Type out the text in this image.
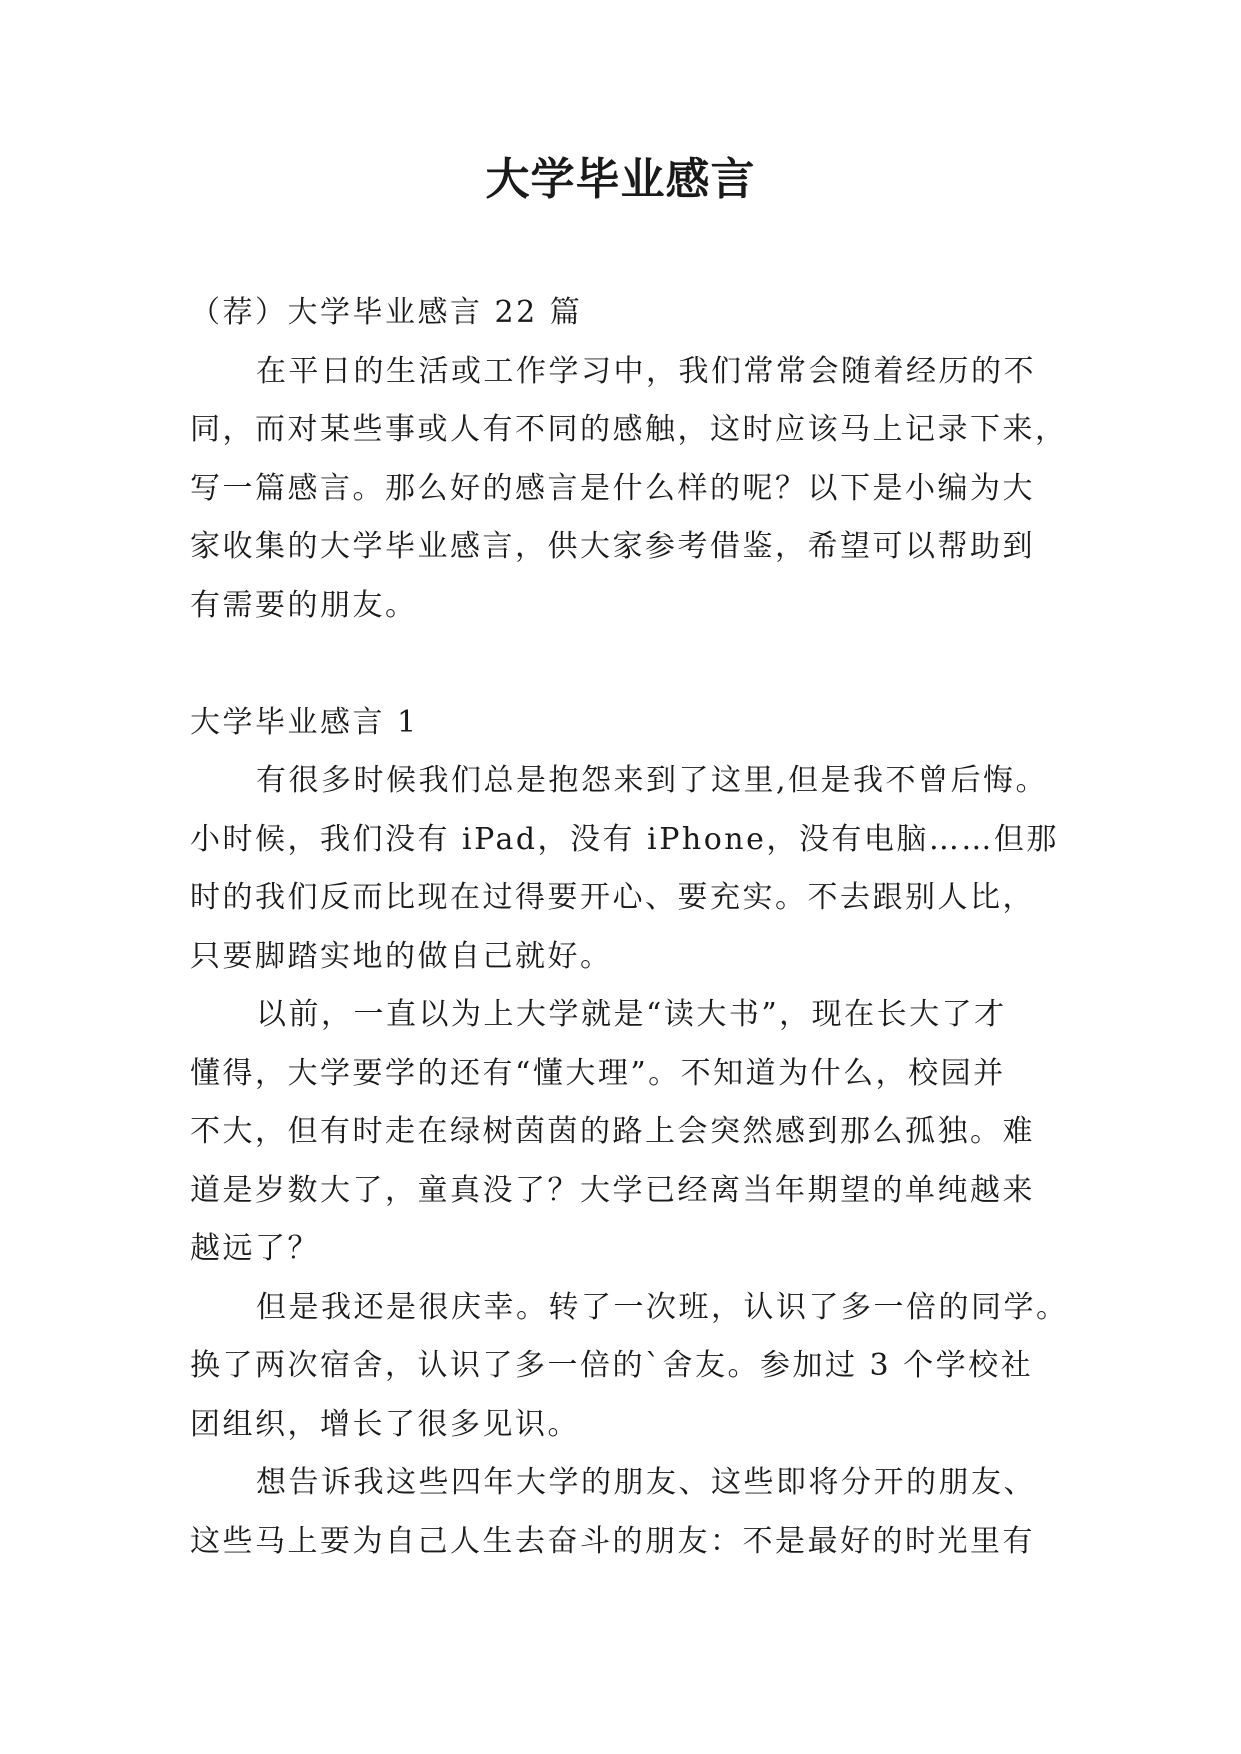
大学毕业感言
（荐）大学毕业感言 22 篇
在平日的生活或工作学习中，我们常常会随着经历的不
同，而对某些事或人有不同的感触，这时应该马上记录下来，
写一篇感言。那么好的感言是什么样的呢？以下是小编为大
家收集的大学毕业感言，供大家参考借鉴，希望可以帮助到
有需要的朋友。
大学毕业感言 1
有很多时候我们总是抱怨来到了这里,但是我不曾后悔。
小时候，我们没有 iPad，没有 iPhone，没有电脑……但那
时的我们反而比现在过得要开心、要充实。不去跟别人比，
只要脚踏实地的做自己就好。
以前，一直以为上大学就是“读大书”，现在长大了才
懂得，大学要学的还有“懂大理”。不知道为什么，校园并
不大，但有时走在绿树茵茵的路上会突然感到那么孤独。难
道是岁数大了，童真没了？大学已经离当年期望的单纯越来
越远了？
但是我还是很庆幸。转了一次班，认识了多一倍的同学。
换了两次宿舍，认识了多一倍的`舍友。参加过 3 个学校社
团组织，增长了很多见识。
想告诉我这些四年大学的朋友、这些即将分开的朋友、
这些马上要为自己人生去奋斗的朋友：不是最好的时光里有
